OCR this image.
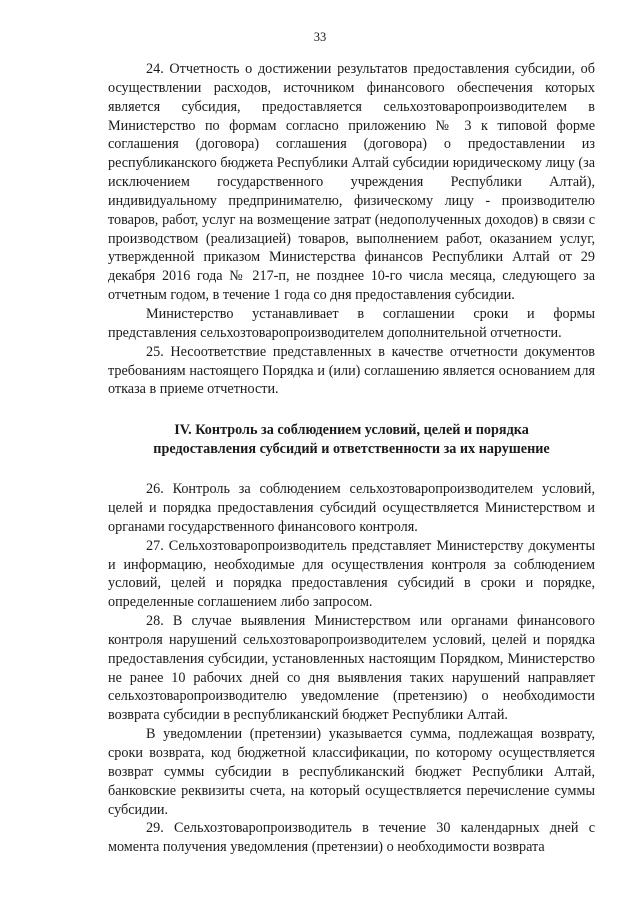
33

24. Отчетность о достижении результатов предоставления субсидии, об осуществлении расходов, источником финансового обеспечения которых является субсидия, предоставляется сельхозтоваропроизводителем в Министерство по формам согласно приложению № 3 к типовой форме соглашения (договора) соглашения (договора) о предоставлении из республиканского бюджета Республики Алтай субсидии юридическому лицу (за исключением государственного учреждения Республики Алтай), индивидуальному предпринимателю, физическому лицу - производителю товаров, работ, услуг на возмещение затрат (недополученных доходов) в связи с производством (реализацией) товаров, выполнением работ, оказанием услуг, утвержденной приказом Министерства финансов Республики Алтай от 29 декабря 2016 года № 217-п, не позднее 10-го числа месяца, следующего за отчетным годом, в течение 1 года со дня предоставления субсидии.

Министерство устанавливает в соглашении сроки и формы представления сельхозтоваропроизводителем дополнительной отчетности.

25. Несоответствие представленных в качестве отчетности документов требованиям настоящего Порядка и (или) соглашению является основанием для отказа в приеме отчетности.

IV. Контроль за соблюдением условий, целей и порядка
предоставления субсидий и ответственности за их нарушение

26. Контроль за соблюдением сельхозтоваропроизводителем условий, целей и порядка предоставления субсидий осуществляется Министерством и органами государственного финансового контроля.

27. Сельхозтоваропроизводитель представляет Министерству документы и информацию, необходимые для осуществления контроля за соблюдением условий, целей и порядка предоставления субсидий в сроки и порядке, определенные соглашением либо запросом.

28. В случае выявления Министерством или органами финансового контроля нарушений сельхозтоваропроизводителем условий, целей и порядка предоставления субсидии, установленных настоящим Порядком, Министерство не ранее 10 рабочих дней со дня выявления таких нарушений направляет сельхозтоваропроизводителю уведомление (претензию) о необходимости возврата субсидии в республиканский бюджет Республики Алтай.

В уведомлении (претензии) указывается сумма, подлежащая возврату, сроки возврата, код бюджетной классификации, по которому осуществляется возврат суммы субсидии в республиканский бюджет Республики Алтай, банковские реквизиты счета, на который осуществляется перечисление суммы субсидии.

29. Сельхозтоваропроизводитель в течение 30 календарных дней с момента получения уведомления (претензии) о необходимости возврата
